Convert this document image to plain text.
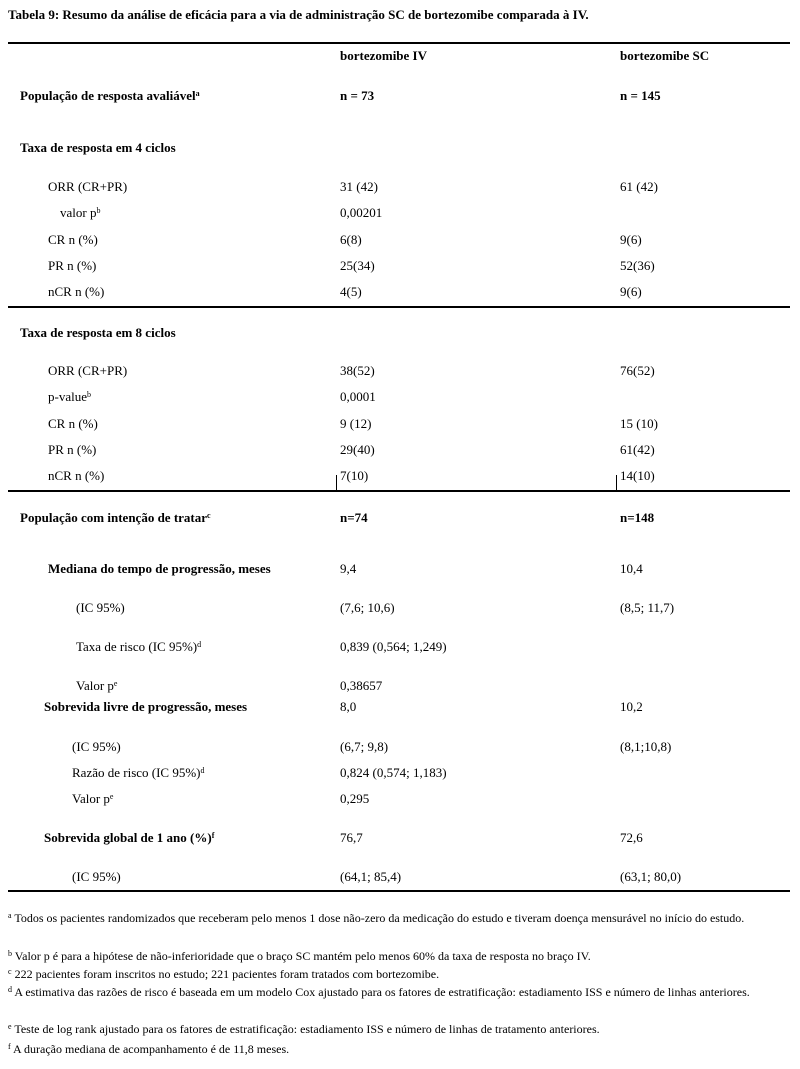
Tabela 9: Resumo da análise de eficácia para a via de administração SC de bortezomibe comparada à IV.
bortezomibe IV	bortezomibe SC
População de resposta avaliável$^a$	n = 73	n = 145
Taxa de resposta em 4 ciclos
ORR (CR+PR)	31 (42)	61 (42)
valor $p^b$	0,00201
CR n (%)	6(8)	9(6)
PR n (%)	25(34)	52(36)
nCR n (%)	4(5)	9(6)
Taxa de resposta em 8 ciclos
ORR (CR+PR)	38(52)	76(52)
p-value$^b$	0,0001
CR n (%)	9 (12)	15 (10)
PR n (%)	29(40)	61(42)
nCR n (%)	7(10)	14(10)
População com intenção de tratar$^c$	n=74	n=148
Mediana do tempo de progressão, meses	9,4	10,4
(IC 95%)	(7,6; 10,6)	(8,5; 11,7)
Taxa de risco (IC 95%)$^d$	0,839 (0,564; 1,249)
Valor $p^e$	0,38657
Sobrevida livre de progressão, meses	8,0	10,2
(IC 95%)	(6,7; 9,8)	(8,1;10,8)
Razão de risco (IC 95%)$^d$	0,824 (0,574; 1,183)
Valor $p^e$	0,295
Sobrevida global de 1 ano (%)$^f$	76,7	72,6
(IC 95%)	(64,1; 85,4)	(63,1; 80,0)
$^a$ Todos os pacientes randomizados que receberam pelo menos 1 dose não-zero da medicação do estudo e tiveram doença mensurável no início do estudo.
$^b$ Valor p é para a hipótese de não-inferioridade que o braço SC mantém pelo menos 60% da taxa de resposta no braço IV.
$^c$ 222 pacientes foram inscritos no estudo; 221 pacientes foram tratados com bortezomibe.
$^d$ A estimativa das razões de risco é baseada em um modelo Cox ajustado para os fatores de estratificação: estadiamento ISS e número de linhas anteriores.
$^e$ Teste de log rank ajustado para os fatores de estratificação: estadiamento ISS e número de linhas de tratamento anteriores.
$^f$ A duração mediana de acompanhamento é de 11,8 meses.
